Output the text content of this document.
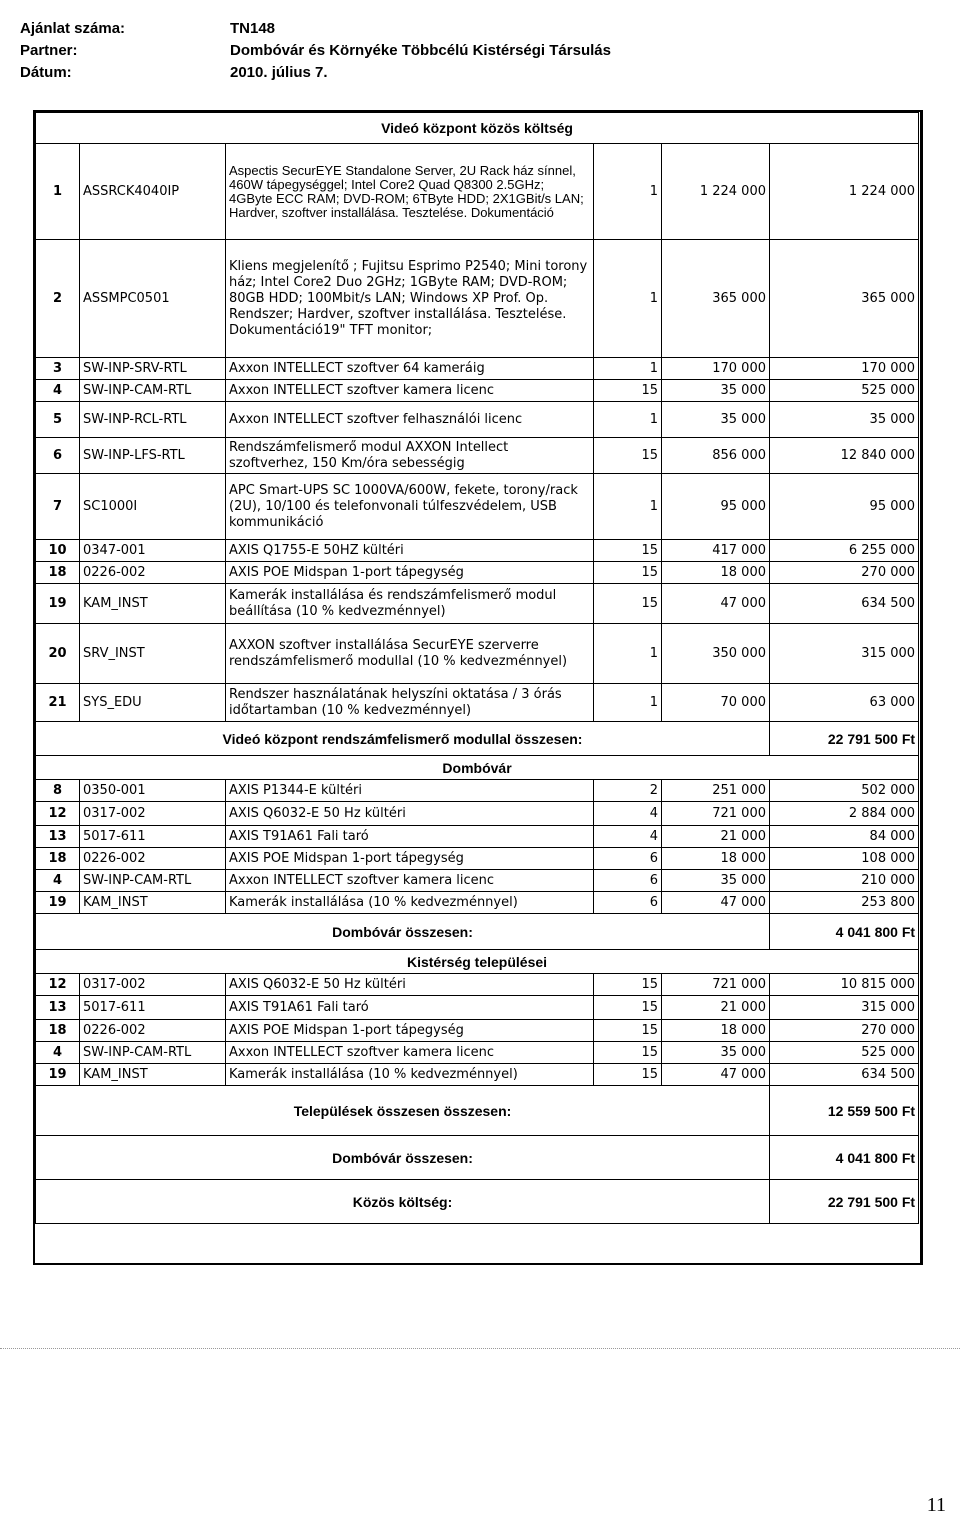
Ajánlat száma:	TN148
Partner:	Dombóvár és Környéke Többcélú Kistérségi Társulás
Dátum:	2010. július 7.
Videó központ közös költség					
1	ASSRCK4040IP	Aspectis SecurEYE Standalone Server, 2U Rack ház sínnel, 460W tápegységgel; Intel Core2 Quad Q8300 2.5GHz; 4GByte ECC RAM; DVD-ROM; 6TByte HDD; 2X1GBit/s LAN; Hardver, szoftver installálása. Tesztelése. Dokumentáció	1	1 224 000	1 224 000
2	ASSMPC0501	Kliens megjelenítő ; Fujitsu Esprimo P2540; Mini torony ház; Intel Core2 Duo 2GHz; 1GByte RAM; DVD-ROM; 80GB HDD; 100Mbit/s LAN; Windows XP Prof. Op. Rendszer; Hardver, szoftver installálása. Tesztelése. Dokumentáció19" TFT monitor;	1	365 000	365 000
3	SW-INP-SRV-RTL	Axxon INTELLECT szoftver 64 kameráig	1	170 000	170 000
4	SW-INP-CAM-RTL	Axxon INTELLECT szoftver kamera licenc	15	35 000	525 000
5	SW-INP-RCL-RTL	Axxon INTELLECT szoftver felhasználói licenc	1	35 000	35 000
6	SW-INP-LFS-RTL	Rendszámfelismerő modul AXXON Intellect szoftverhez, 150 Km/óra sebességig	15	856 000	12 840 000
7	SC1000I	APC Smart-UPS SC 1000VA/600W, fekete, torony/rack (2U), 10/100 és telefonvonali túlfeszvédelem, USB kommunikáció	1	95 000	95 000
10	0347-001	AXIS Q1755-E 50HZ kültéri	15	417 000	6 255 000
18	0226-002	AXIS POE Midspan 1-port tápegység	15	18 000	270 000
19	KAM_INST	Kamerák installálása és rendszámfelismerő modul beállítása (10 % kedvezménnyel)	15	47 000	634 500
20	SRV_INST	AXXON szoftver installálása SecurEYE szerverre rendszámfelismerő modullal (10 % kedvezménnyel)	1	350 000	315 000
21	SYS_EDU	Rendszer használatának helyszíni oktatása / 3 órás időtartamban (10 % kedvezménnyel)	1	70 000	63 000
Videó központ rendszámfelismerő modullal összesen:					22 791 500 Ft
Dombóvár					
8	0350-001	AXIS P1344-E kültéri	2	251 000	502 000
12	0317-002	AXIS Q6032-E 50 Hz kültéri	4	721 000	2 884 000
13	5017-611	AXIS T91A61 Fali taró	4	21 000	84 000
18	0226-002	AXIS POE Midspan 1-port tápegység	6	18 000	108 000
4	SW-INP-CAM-RTL	Axxon INTELLECT szoftver kamera licenc	6	35 000	210 000
19	KAM_INST	Kamerák installálása (10 % kedvezménnyel)	6	47 000	253 800
Dombóvár összesen:					4 041 800 Ft
Kistérség települései					
12	0317-002	AXIS Q6032-E 50 Hz kültéri	15	721 000	10 815 000
13	5017-611	AXIS T91A61 Fali taró	15	21 000	315 000
18	0226-002	AXIS POE Midspan 1-port tápegység	15	18 000	270 000
4	SW-INP-CAM-RTL	Axxon INTELLECT szoftver kamera licenc	15	35 000	525 000
19	KAM_INST	Kamerák installálása (10 % kedvezménnyel)	15	47 000	634 500
Települések összesen összesen:					12 559 500 Ft
Dombóvár összesen:					4 041 800 Ft
Közös költség:					22 791 500 Ft
11
